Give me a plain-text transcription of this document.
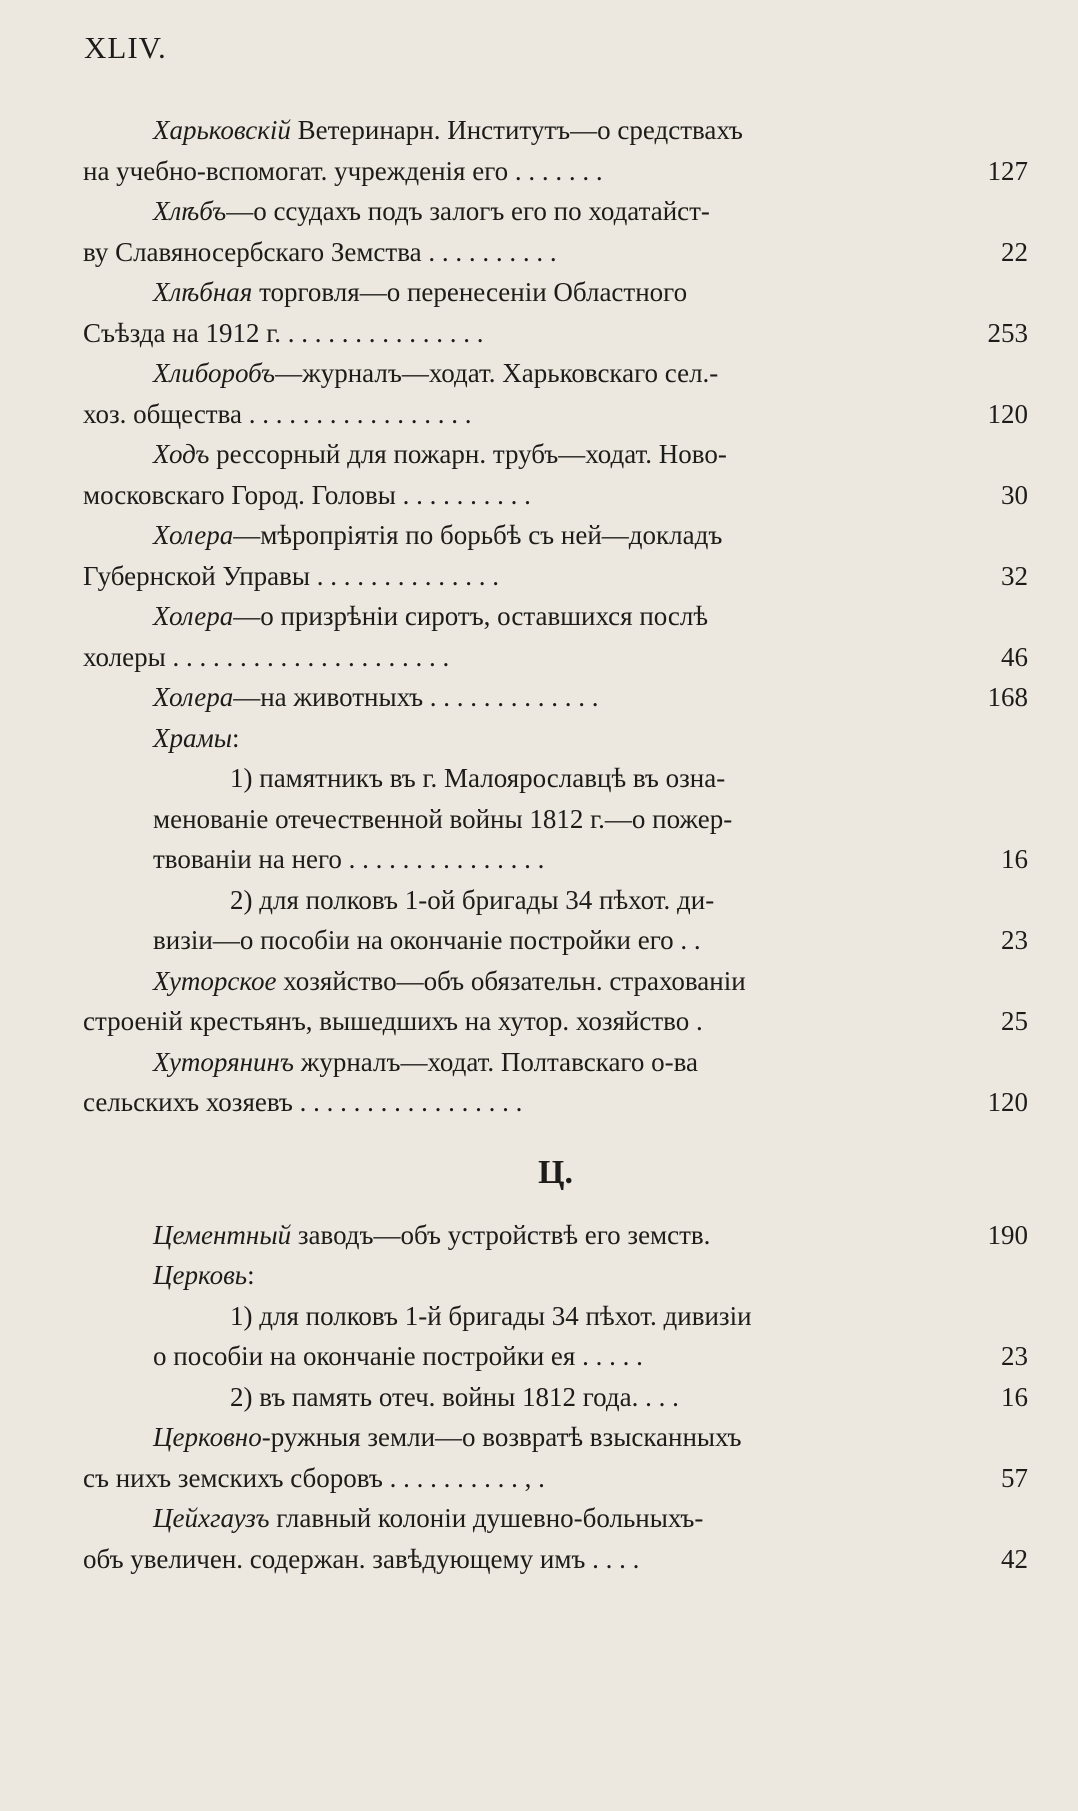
XLIV.
Харьковскій Ветеринарн. Институтъ—о средствахъ
на учебно-вспомогат. учрежденія его . . . . . . .	127
Хлѣбъ—о ссудахъ подъ залогъ его по ходатайст-
ву Славяносербскаго Земства . . . . . . . . . .	22
Хлѣбная торговля—о перенесеніи Областного
Съѣзда на 1912 г. . . . . . . . . . . . . . . .	253
Хлиборобъ—журналъ—ходат. Харьковскаго сел.-
хоз. общества . . . . . . . . . . . . . . . . .	120
Ходъ рессорный для пожарн. трубъ—ходат. Ново-
московскаго Город. Головы . . . . . . . . . .	30
Холера—мѣропріятія по борьбѣ съ ней—докладъ
Губернской Управы . . . . . . . . . . . . . .	32
Холера—о призрѣніи сиротъ, оставшихся послѣ
холеры . . . . . . . . . . . . . . . . . . . . .	46
Холера—на животныхъ . . . . . . . . . . . . .	168
Храмы:
1) памятникъ въ г. Малоярославцѣ въ озна-
менованіе отечественной войны 1812 г.—о пожер-
твованіи на него . . . . . . . . . . . . . . .	16
2) для полковъ 1-ой бригады 34 пѣхот. ди-
визіи—о пособіи на окончаніе постройки его . .	23
Хуторское хозяйство—объ обязательн. страхованіи
строеній крестьянъ, вышедшихъ на хутор. хозяйство .	25
Хуторянинъ журналъ—ходат. Полтавскаго о-ва
сельскихъ хозяевъ . . . . . . . . . . . . . . . . .	120
Ц.
Цементный заводъ—объ устройствѣ его земств.	190
Церковь:
1) для полковъ 1-й бригады 34 пѣхот. дивизіи
о пособіи на окончаніе постройки ея . . . . .	23
2) въ память отеч. войны 1812 года. . . .	16
Церковно-ружныя земли—о возвратѣ взысканныхъ
съ нихъ земскихъ сборовъ . . . . . . . . . . , .	57
Цейхгаузъ главный колоніи душевно-больныхъ-
объ увеличен. содержан. завѣдующему имъ . . . .	42
